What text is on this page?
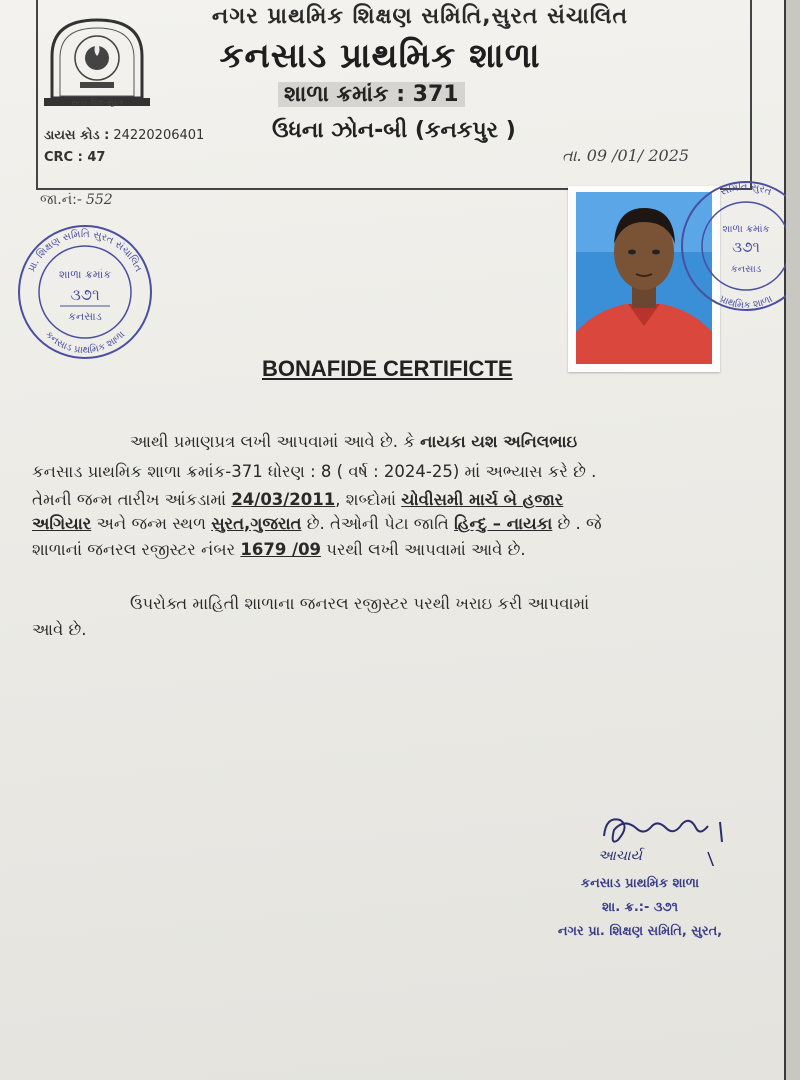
સત્ય-શિક્ષ-સુરત
નગર પ્રાથમિક શિક્ષણ સમિતિ,સુરત સંચાલિત
કનસાડ પ્રાથમિક શાળા
શાળા ક્રમાંક : 371
ઉધના ઝોન-બી (કનકપુર )
ડાયસ કોડ : 24220206401
CRC : 47	તા. 09 /01/ 2025
જા.નં:- 552
પ્રા. શિક્ષણ સમિતિ સુરત સંચાલિત
કનસાડ પ્રાથમિક શાળા
શાળા ક્રમાંક
૩૭૧
કનસાડ
સમિતિ સુરત
પ્રાથમિક શાળા
શાળા ક્રમાંક
૩૭૧
કનસાડ
BONAFIDE CERTIFICTE
આથી પ્રમાણપ્રત્ર લખી આપવામાં આવે છે. કે નાયકા યશ અનિલભાઇ
કનસાડ પ્રાથમિક શાળા ક્રમાંક-371 ધોરણ : 8 ( વર્ષ : 2024-25) માં અભ્યાસ કરે છે .
તેમની જન્મ તારીખ આંકડામાં 24/03/2011, શબ્દોમાં ચોવીસમી માર્ચ બે હજાર
અગિયાર અને જન્મ સ્થળ સુરત,ગુજરાત છે. તેઓની પેટા જાતિ હિન્દુ – નાયકા છે . જે
શાળાનાં જનરલ રજીસ્ટર નંબર 1679 /09 પરથી લખી આપવામાં આવે છે.
ઉપરોક્ત માહિતી શાળાના જનરલ રજીસ્ટર પરથી ખરાઇ કરી આપવામાં
આવે છે.
આચાર્ય
કનસાડ પ્રાથમિક શાળા
શા. ક્ર.:- ૩૭૧
નગર પ્રા. શિક્ષણ સમિતિ, સુરત,
